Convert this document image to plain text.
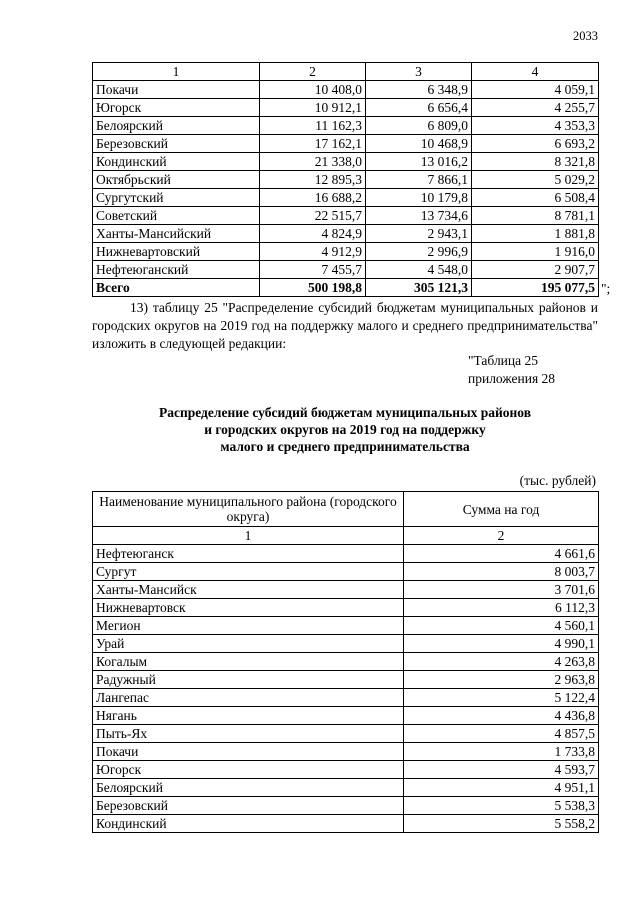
2033
1	2	3	4
Покачи	10 408,0	6 348,9	4 059,1
Югорск	10 912,1	6 656,4	4 255,7
Белоярский	11 162,3	6 809,0	4 353,3
Березовский	17 162,1	10 468,9	6 693,2
Кондинский	21 338,0	13 016,2	8 321,8
Октябрьский	12 895,3	7 866,1	5 029,2
Сургутский	16 688,2	10 179,8	6 508,4
Советский	22 515,7	13 734,6	8 781,1
Ханты-Мансийский	4 824,9	2 943,1	1 881,8
Нижневартовский	4 912,9	2 996,9	1 916,0
Нефтеюганский	7 455,7	4 548,0	2 907,7
Всего	500 198,8	305 121,3	195 077,5 ";
13) таблицу 25 "Распределение субсидий бюджетам муниципальных районов и городских округов на 2019 год на поддержку малого и среднего предпринимательства" изложить в следующей редакции:
"Таблица 25
приложения 28
Распределение субсидий бюджетам муниципальных районов
и городских округов на 2019 год на поддержку
малого и среднего предпринимательства
(тыс. рублей)
Наименование муниципального района (городского округа)	Сумма на год
1	2
Нефтеюганск	4 661,6
Сургут	8 003,7
Ханты-Мансийск	3 701,6
Нижневартовск	6 112,3
Мегион	4 560,1
Урай	4 990,1
Когалым	4 263,8
Радужный	2 963,8
Лангепас	5 122,4
Нягань	4 436,8
Пыть-Ях	4 857,5
Покачи	1 733,8
Югорск	4 593,7
Белоярский	4 951,1
Березовский	5 538,3
Кондинский	5 558,2
